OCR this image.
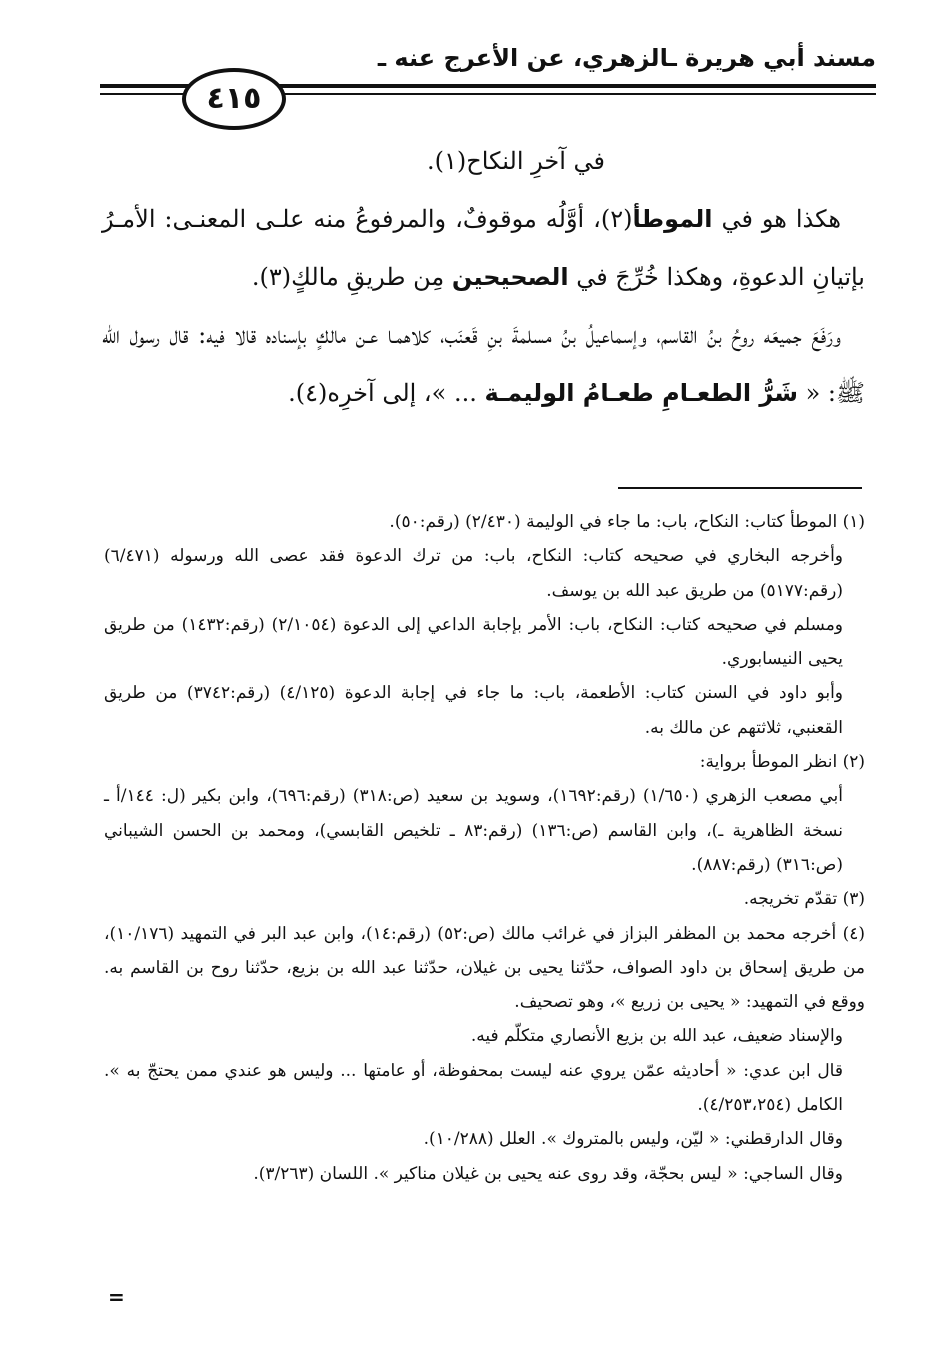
مسند أبي هريرة ـالزهري، عن الأعرج عنه ـ
٤١٥

في آخرِ النكاح(١).

هكذا هو في الموطأ(٢)، أوَّلُه موقوفٌ، والمرفوعُ منه علـى المعنـى: الأمـرُ بإتيانِ الدعوةِ، وهكذا خُرِّجَ في الصحيحين مِن طريقِ مالكٍ(٣).

ورَفَعَ جميعَه روحُ بنُ القاسم، وإسماعيلُ بنُ مسلمةَ بنِ قَعنَب، كلاهمـا عـن مالكٍ بإسناده قالا فيه: قال رسول الله ﷺ: « شَرُّ الطعـامِ طعـامُ الوليمـة ... »، إلى آخرِه(٤).

(١) الموطأ كتاب: النكاح، باب: ما جاء في الوليمة (٢/٤٣٠) (رقم:٥٠).

وأخرجه البخاري في صحيحه كتاب: النكاح، باب: من ترك الدعوة فقد عصى الله ورسوله (٦/٤٧١) (رقم:٥١٧٧) من طريق عبد الله بن يوسف.

ومسلم في صحيحه كتاب: النكاح، باب: الأمر بإجابة الداعي إلى الدعوة (٢/١٠٥٤) (رقم:١٤٣٢) من طريق يحيى النيسابوري.

وأبو داود في السنن كتاب: الأطعمة، باب: ما جاء في إجابة الدعوة (٤/١٢٥) (رقم:٣٧٤٢) من طريق القعنبي، ثلاثتهم عن مالك به.

(٢) انظر الموطأ برواية:

أبي مصعب الزهري (١/٦٥٠) (رقم:١٦٩٢)، وسويد بن سعيد (ص:٣١٨) (رقم:٦٩٦)، وابن بكير (ل: ١٤٤/أ ـ نسخة الظاهرية ـ)، وابن القاسم (ص:١٣٦) (رقم:٨٣ ـ تلخيص القابسي)، ومحمد بن الحسن الشيباني (ص:٣١٦) (رقم:٨٨٧).

(٣) تقدّم تخريجه.

(٤) أخرجه محمد بن المظفر البزاز في غرائب مالك (ص:٥٢) (رقم:١٤)، وابن عبد البر في التمهيد (١٠/١٧٦)، من طريق إسحاق بن داود الصواف، حدّثنا يحيى بن غيلان، حدّثنا عبد الله بن بزيع، حدّثنا روح بن القاسم به. ووقع في التمهيد: « يحيى بن زريع »، وهو تصحيف.

والإسناد ضعيف، عبد الله بن بزيع الأنصاري متكلّم فيه.

قال ابن عدي: « أحاديثه عمّن يروي عنه ليست بمحفوظة، أو عامتها ... وليس هو عندي ممن يحتجّ به ». الكامل (٤/٢٥٣،٢٥٤).

وقال الدارقطني: « ليّن، وليس بالمتروك ». العلل (١٠/٢٨٨).

وقال الساجي: « ليس بحجّة، وقد روى عنه يحيى بن غيلان مناكير ». اللسان (٣/٢٦٣).

=
